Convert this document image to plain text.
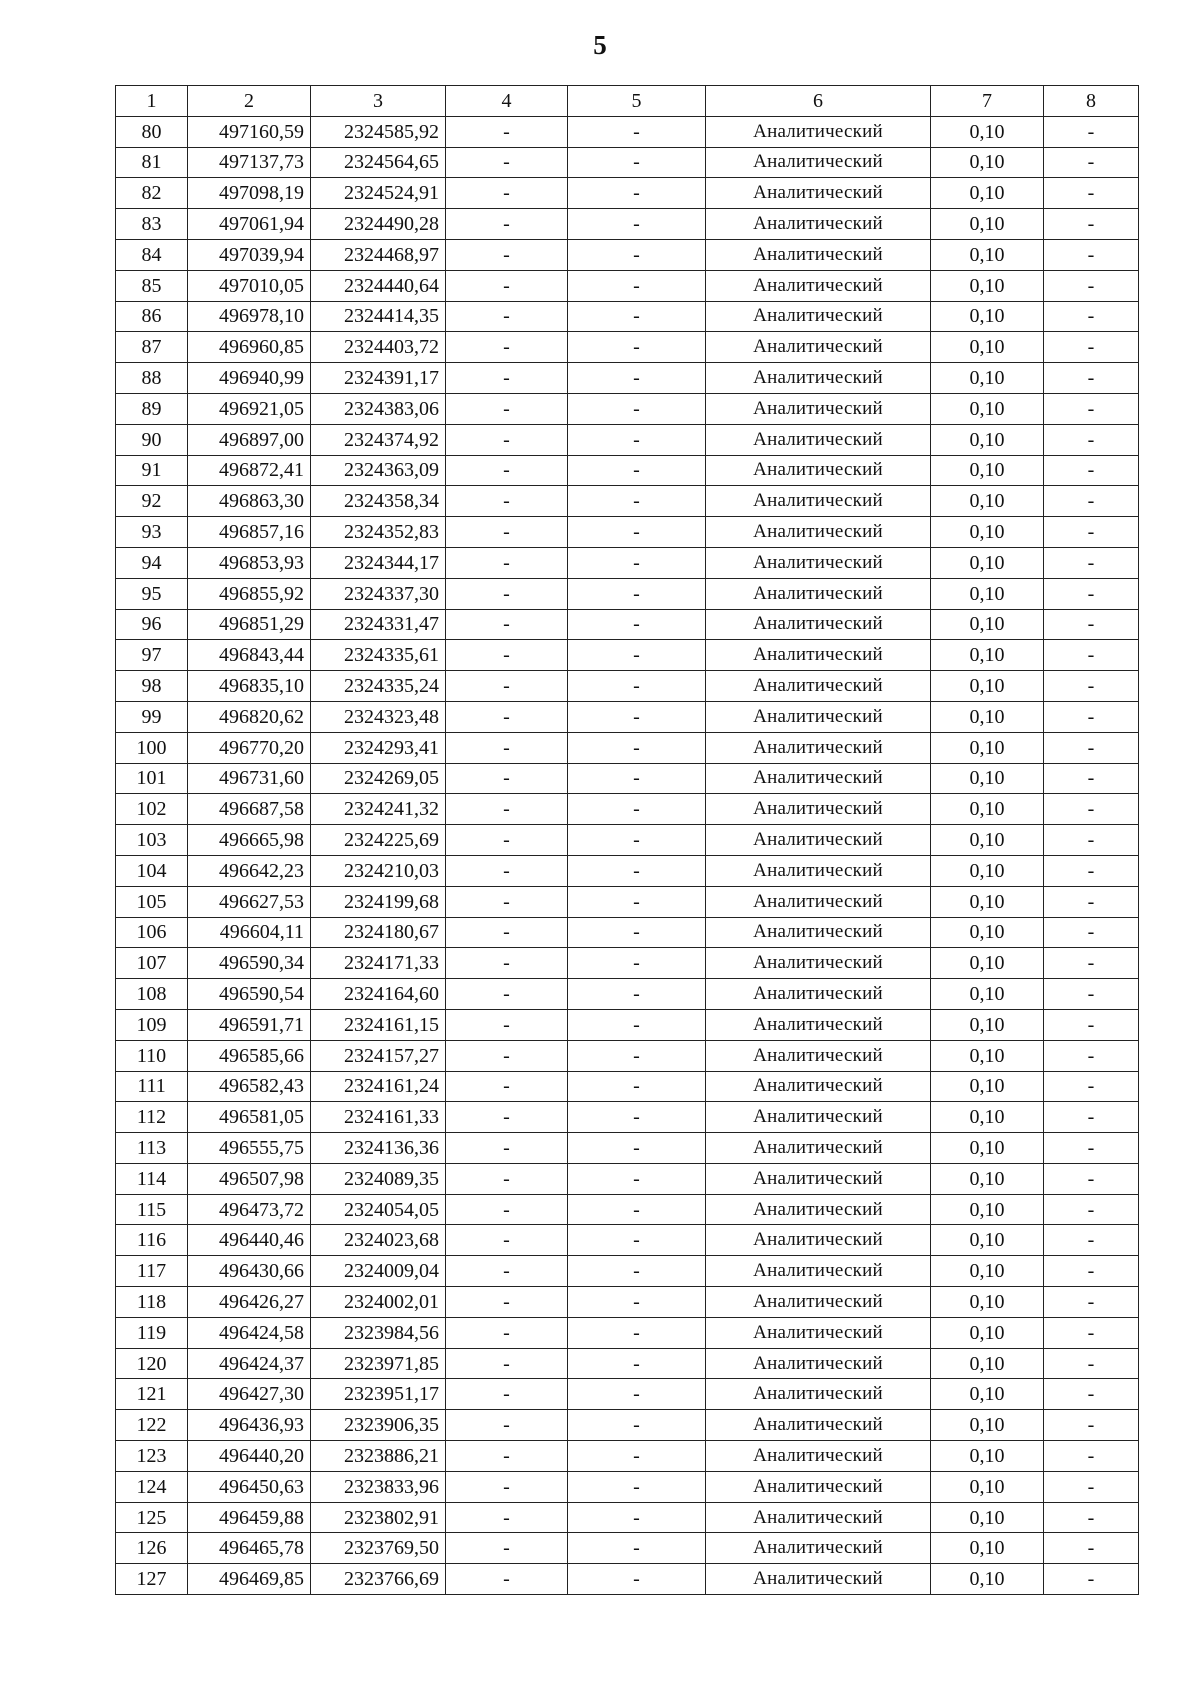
5
1	2	3	4	5	6	7	8
80	497160,59	2324585,92	-	-	Аналитический	0,10	-
81	497137,73	2324564,65	-	-	Аналитический	0,10	-
82	497098,19	2324524,91	-	-	Аналитический	0,10	-
83	497061,94	2324490,28	-	-	Аналитический	0,10	-
84	497039,94	2324468,97	-	-	Аналитический	0,10	-
85	497010,05	2324440,64	-	-	Аналитический	0,10	-
86	496978,10	2324414,35	-	-	Аналитический	0,10	-
87	496960,85	2324403,72	-	-	Аналитический	0,10	-
88	496940,99	2324391,17	-	-	Аналитический	0,10	-
89	496921,05	2324383,06	-	-	Аналитический	0,10	-
90	496897,00	2324374,92	-	-	Аналитический	0,10	-
91	496872,41	2324363,09	-	-	Аналитический	0,10	-
92	496863,30	2324358,34	-	-	Аналитический	0,10	-
93	496857,16	2324352,83	-	-	Аналитический	0,10	-
94	496853,93	2324344,17	-	-	Аналитический	0,10	-
95	496855,92	2324337,30	-	-	Аналитический	0,10	-
96	496851,29	2324331,47	-	-	Аналитический	0,10	-
97	496843,44	2324335,61	-	-	Аналитический	0,10	-
98	496835,10	2324335,24	-	-	Аналитический	0,10	-
99	496820,62	2324323,48	-	-	Аналитический	0,10	-
100	496770,20	2324293,41	-	-	Аналитический	0,10	-
101	496731,60	2324269,05	-	-	Аналитический	0,10	-
102	496687,58	2324241,32	-	-	Аналитический	0,10	-
103	496665,98	2324225,69	-	-	Аналитический	0,10	-
104	496642,23	2324210,03	-	-	Аналитический	0,10	-
105	496627,53	2324199,68	-	-	Аналитический	0,10	-
106	496604,11	2324180,67	-	-	Аналитический	0,10	-
107	496590,34	2324171,33	-	-	Аналитический	0,10	-
108	496590,54	2324164,60	-	-	Аналитический	0,10	-
109	496591,71	2324161,15	-	-	Аналитический	0,10	-
110	496585,66	2324157,27	-	-	Аналитический	0,10	-
111	496582,43	2324161,24	-	-	Аналитический	0,10	-
112	496581,05	2324161,33	-	-	Аналитический	0,10	-
113	496555,75	2324136,36	-	-	Аналитический	0,10	-
114	496507,98	2324089,35	-	-	Аналитический	0,10	-
115	496473,72	2324054,05	-	-	Аналитический	0,10	-
116	496440,46	2324023,68	-	-	Аналитический	0,10	-
117	496430,66	2324009,04	-	-	Аналитический	0,10	-
118	496426,27	2324002,01	-	-	Аналитический	0,10	-
119	496424,58	2323984,56	-	-	Аналитический	0,10	-
120	496424,37	2323971,85	-	-	Аналитический	0,10	-
121	496427,30	2323951,17	-	-	Аналитический	0,10	-
122	496436,93	2323906,35	-	-	Аналитический	0,10	-
123	496440,20	2323886,21	-	-	Аналитический	0,10	-
124	496450,63	2323833,96	-	-	Аналитический	0,10	-
125	496459,88	2323802,91	-	-	Аналитический	0,10	-
126	496465,78	2323769,50	-	-	Аналитический	0,10	-
127	496469,85	2323766,69	-	-	Аналитический	0,10	-
